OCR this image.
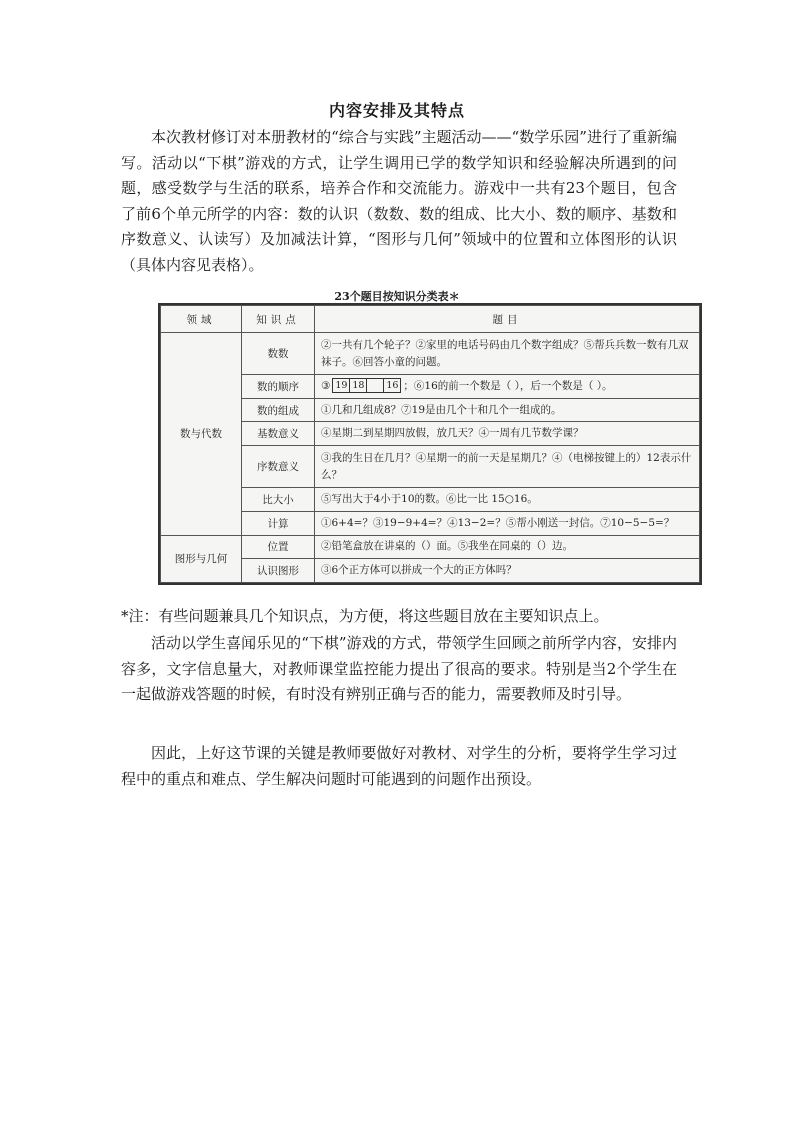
内容安排及其特点
本次教材修订对本册教材的“综合与实践”主题活动——“数学乐园”进行了重新编写。活动以“下棋”游戏的方式，让学生调用已学的数学知识和经验解决所遇到的问题，感受数学与生活的联系，培养合作和交流能力。游戏中一共有23个题目，包含了前6个单元所学的内容：数的认识（数数、数的组成、比大小、数的顺序、基数和序数意义、认读写）及加减法计算，“图形与几何”领域中的位置和立体图形的认识（具体内容见表格）。
23个题目按知识分类表＊
领域	知识点	题目
数与代数	数数	②一共有几个轮子？②家里的电话号码由几个数字组成？⑤帮兵兵数一数有几双袜子。⑥回答小童的问题。
	数的顺序	③ 19 18 16 ；⑥16的前一个数是（ ），后一个数是（ ）。
	数的组成	①几和几组成8？⑦19是由几个十和几个一组成的。
	基数意义	④星期二到星期四放假，放几天？④一周有几节数学课？
	序数意义	③我的生日在几月？④星期一的前一天是星期几？④（电梯按键上的）12表示什么？
	比大小	⑤写出大于4小于10的数。⑥比一比 15○16。
	计算	①6+4=？③19−9+4=？④13−2=？⑤帮小刚送一封信。⑦10−5−5=？
图形与几何	位置	②铅笔盒放在讲桌的（）面。⑤我坐在同桌的（）边。
	认识图形	③6个正方体可以拼成一个大的正方体吗？
*注：有些问题兼具几个知识点，为方便，将这些题目放在主要知识点上。
活动以学生喜闻乐见的“下棋”游戏的方式，带领学生回顾之前所学内容，安排内容多，文字信息量大，对教师课堂监控能力提出了很高的要求。特别是当2个学生在一起做游戏答题的时候，有时没有辨别正确与否的能力，需要教师及时引导。
因此，上好这节课的关键是教师要做好对教材、对学生的分析，要将学生学习过程中的重点和难点、学生解决问题时可能遇到的问题作出预设。
